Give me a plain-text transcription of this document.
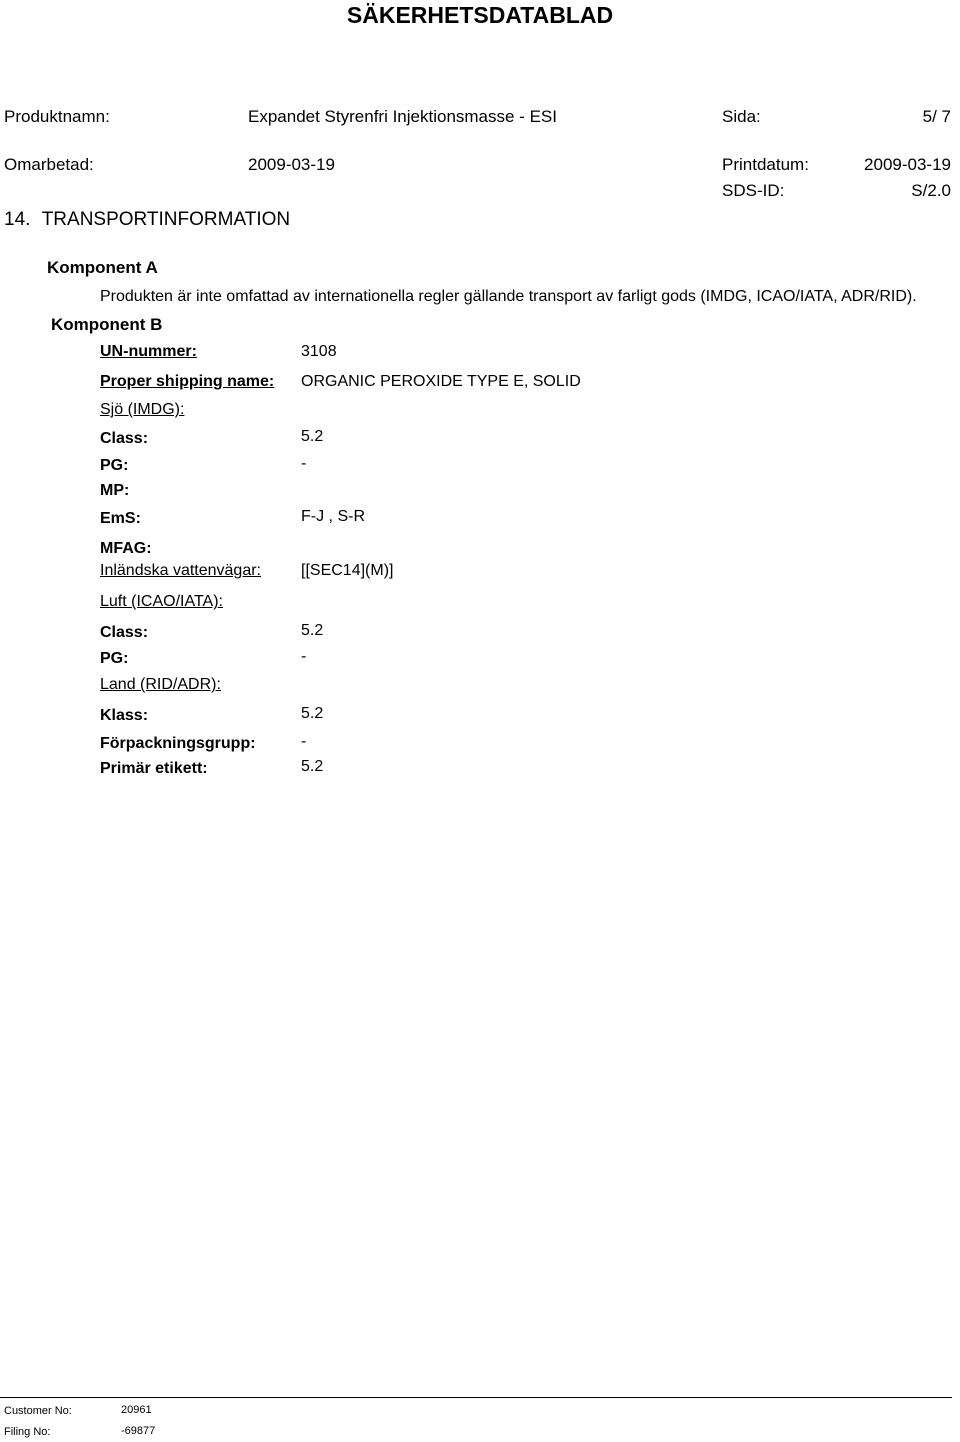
SÄKERHETSDATABLAD
Produktnamn:	Expandet Styrenfri Injektionsmasse - ESI	Sida:	5/ 7
Omarbetad:	2009-03-19	Printdatum:	2009-03-19
SDS-ID:	S/2.0
14. TRANSPORTINFORMATION
Komponent A
Produkten är inte omfattad av internationella regler gällande transport av farligt gods (IMDG, ICAO/IATA, ADR/RID).
Komponent B
UN-nummer:	3108
Proper shipping name: ORGANIC PEROXIDE TYPE E, SOLID
Sjö (IMDG):
Class:	5.2
PG:	-
MP:
EmS:	F-J , S-R
MFAG:
Inländska vattenvägar:	[[SEC14](M)]
Luft (ICAO/IATA):
Class:	5.2
PG:	-
Land (RID/ADR):
Klass:	5.2
Förpackningsgrupp:	-
Primär etikett:	5.2
Customer No:	20961
Filing No:	-69877
